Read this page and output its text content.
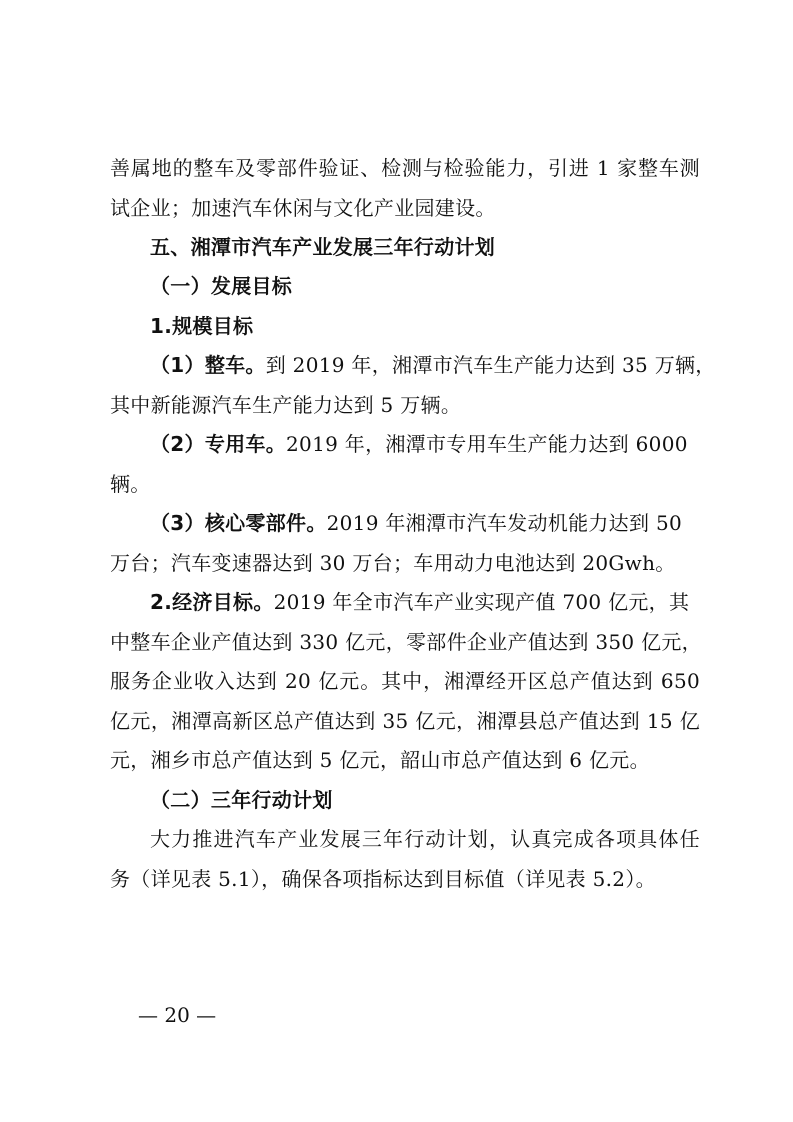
善属地的整车及零部件验证、检测与检验能力，引进 1 家整车测
试企业；加速汽车休闲与文化产业园建设。
五、湘潭市汽车产业发展三年行动计划
（一）发展目标
1.规模目标
（1）整车。到 2019 年，湘潭市汽车生产能力达到 35 万辆，
其中新能源汽车生产能力达到 5 万辆。
（2）专用车。2019 年，湘潭市专用车生产能力达到 6000
辆。
（3）核心零部件。2019 年湘潭市汽车发动机能力达到 50
万台；汽车变速器达到 30 万台；车用动力电池达到 20Gwh。
2.经济目标。2019 年全市汽车产业实现产值 700 亿元，其
中整车企业产值达到 330 亿元，零部件企业产值达到 350 亿元，
服务企业收入达到 20 亿元。其中，湘潭经开区总产值达到 650
亿元，湘潭高新区总产值达到 35 亿元，湘潭县总产值达到 15 亿
元，湘乡市总产值达到 5 亿元，韶山市总产值达到 6 亿元。
（二）三年行动计划
大力推进汽车产业发展三年行动计划，认真完成各项具体任
务（详见表 5.1），确保各项指标达到目标值（详见表 5.2）。
— 20 —
